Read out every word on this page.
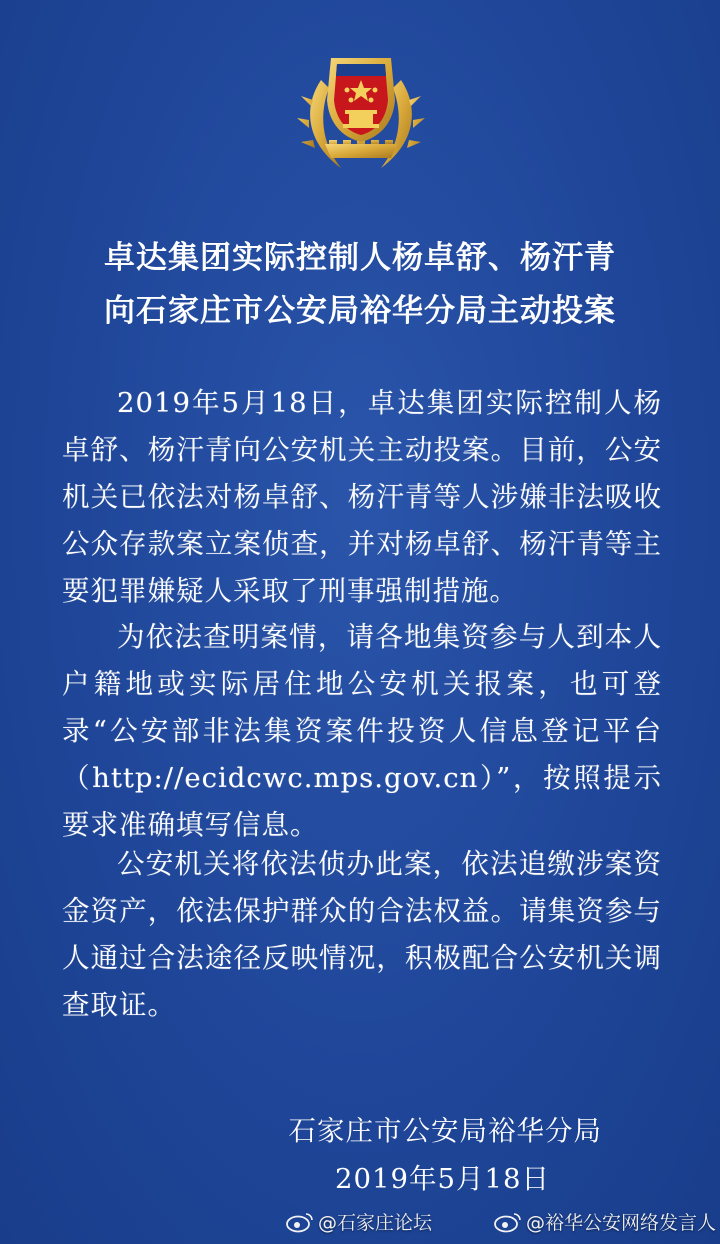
卓达集团实际控制人杨卓舒、杨汗青
向石家庄市公安局裕华分局主动投案

2019年5月18日，卓达集团实际控制人杨卓舒、杨汗青向公安机关主动投案。目前，公安机关已依法对杨卓舒、杨汗青等人涉嫌非法吸收公众存款案立案侦查，并对杨卓舒、杨汗青等主要犯罪嫌疑人采取了刑事强制措施。

为依法查明案情，请各地集资参与人到本人户籍地或实际居住地公安机关报案，也可登录“公安部非法集资案件投资人信息登记平台（http://ecidcwc.mps.gov.cn）”，按照提示要求准确填写信息。

公安机关将依法侦办此案，依法追缴涉案资金资产，依法保护群众的合法权益。请集资参与人通过合法途径反映情况，积极配合公安机关调查取证。

石家庄市公安局裕华分局

2019年5月18日

@石家庄论坛	@裕华公安网络发言人
